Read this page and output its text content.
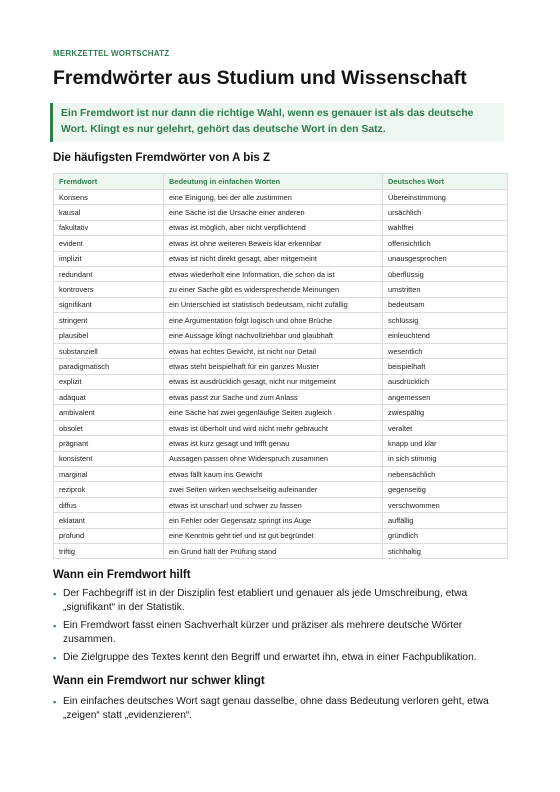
MERKZETTEL WORTSCHATZ
Fremdwörter aus Studium und Wissenschaft
Ein Fremdwort ist nur dann die richtige Wahl, wenn es genauer ist als das deutsche Wort. Klingt es nur gelehrt, gehört das deutsche Wort in den Satz.
Die häufigsten Fremdwörter von A bis Z
Fremdwort	Bedeutung in einfachen Worten	Deutsches Wort
Konsens	eine Einigung, bei der alle zustimmen	Übereinstimmung
kausal	eine Sache ist die Ursache einer anderen	ursächlich
fakultativ	etwas ist möglich, aber nicht verpflichtend	wahlfrei
evident	etwas ist ohne weiteren Beweis klar erkennbar	offensichtlich
implizit	etwas ist nicht direkt gesagt, aber mitgemeint	unausgesprochen
redundant	etwas wiederholt eine Information, die schon da ist	überflüssig
kontrovers	zu einer Sache gibt es widersprechende Meinungen	umstritten
signifikant	ein Unterschied ist statistisch bedeutsam, nicht zufällig	bedeutsam
stringent	eine Argumentation folgt logisch und ohne Brüche	schlüssig
plausibel	eine Aussage klingt nachvollziehbar und glaubhaft	einleuchtend
substanziell	etwas hat echtes Gewicht, ist nicht nur Detail	wesentlich
paradigmatisch	etwas steht beispielhaft für ein ganzes Muster	beispielhaft
explizit	etwas ist ausdrücklich gesagt, nicht nur mitgemeint	ausdrücklich
adäquat	etwas passt zur Sache und zum Anlass	angemessen
ambivalent	eine Sache hat zwei gegenläufige Seiten zugleich	zwiespältig
obsolet	etwas ist überholt und wird nicht mehr gebraucht	veraltet
prägnant	etwas ist kurz gesagt und trifft genau	knapp und klar
konsistent	Aussagen passen ohne Widerspruch zusammen	in sich stimmig
marginal	etwas fällt kaum ins Gewicht	nebensächlich
reziprok	zwei Seiten wirken wechselseitig aufeinander	gegenseitig
diffus	etwas ist unscharf und schwer zu fassen	verschwommen
eklatant	ein Fehler oder Gegensatz springt ins Auge	auffällig
profund	eine Kenntnis geht tief und ist gut begründet	gründlich
triftig	ein Grund hält der Prüfung stand	stichhaltig
Wann ein Fremdwort hilft
▪ Der Fachbegriff ist in der Disziplin fest etabliert und genauer als jede Umschreibung, etwa „signifikant“ in der Statistik.
▪ Ein Fremdwort fasst einen Sachverhalt kürzer und präziser als mehrere deutsche Wörter zusammen.
▪ Die Zielgruppe des Textes kennt den Begriff und erwartet ihn, etwa in einer Fachpublikation.
Wann ein Fremdwort nur schwer klingt
▪ Ein einfaches deutsches Wort sagt genau dasselbe, ohne dass Bedeutung verloren geht, etwa „zeigen“ statt „evidenzieren“.
